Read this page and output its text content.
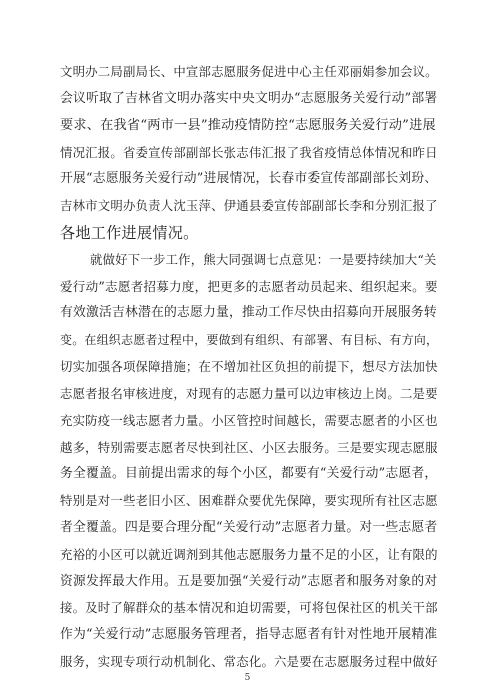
文明办二局副局长、中宣部志愿服务促进中心主任邓丽娟参加会议。
会议听取了吉林省文明办落实中央文明办“志愿服务关爱行动”部署
要求、在我省“两市一县”推动疫情防控“志愿服务关爱行动”进展
情况汇报。省委宣传部副部长张志伟汇报了我省疫情总体情况和昨日
开展“志愿服务关爱行动”进展情况，长春市委宣传部副部长刘玢、
吉林市文明办负责人沈玉萍、伊通县委宣传部副部长李和分别汇报了
各地工作进展情况。
就做好下一步工作，熊大同强调七点意见：一是要持续加大“关
爱行动”志愿者招募力度，把更多的志愿者动员起来、组织起来。要
有效激活吉林潜在的志愿力量，推动工作尽快由招募向开展服务转
变。在组织志愿者过程中，要做到有组织、有部署、有目标、有方向，
切实加强各项保障措施；在不增加社区负担的前提下，想尽方法加快
志愿者报名审核进度，对现有的志愿力量可以边审核边上岗。二是要
充实防疫一线志愿者力量。小区管控时间越长，需要志愿者的小区也
越多，特别需要志愿者尽快到社区、小区去服务。三是要实现志愿服
务全覆盖。目前提出需求的每个小区，都要有“关爱行动”志愿者，
特别是对一些老旧小区、困难群众要优先保障，要实现所有社区志愿
者全覆盖。四是要合理分配“关爱行动”志愿者力量。对一些志愿者
充裕的小区可以就近调剂到其他志愿服务力量不足的小区，让有限的
资源发挥最大作用。五是要加强“关爱行动”志愿者和服务对象的对
接。及时了解群众的基本情况和迫切需要，可将包保社区的机关干部
作为“关爱行动”志愿服务管理者，指导志愿者有针对性地开展精准
服务，实现专项行动机制化、常态化。六是要在志愿服务过程中做好
5
